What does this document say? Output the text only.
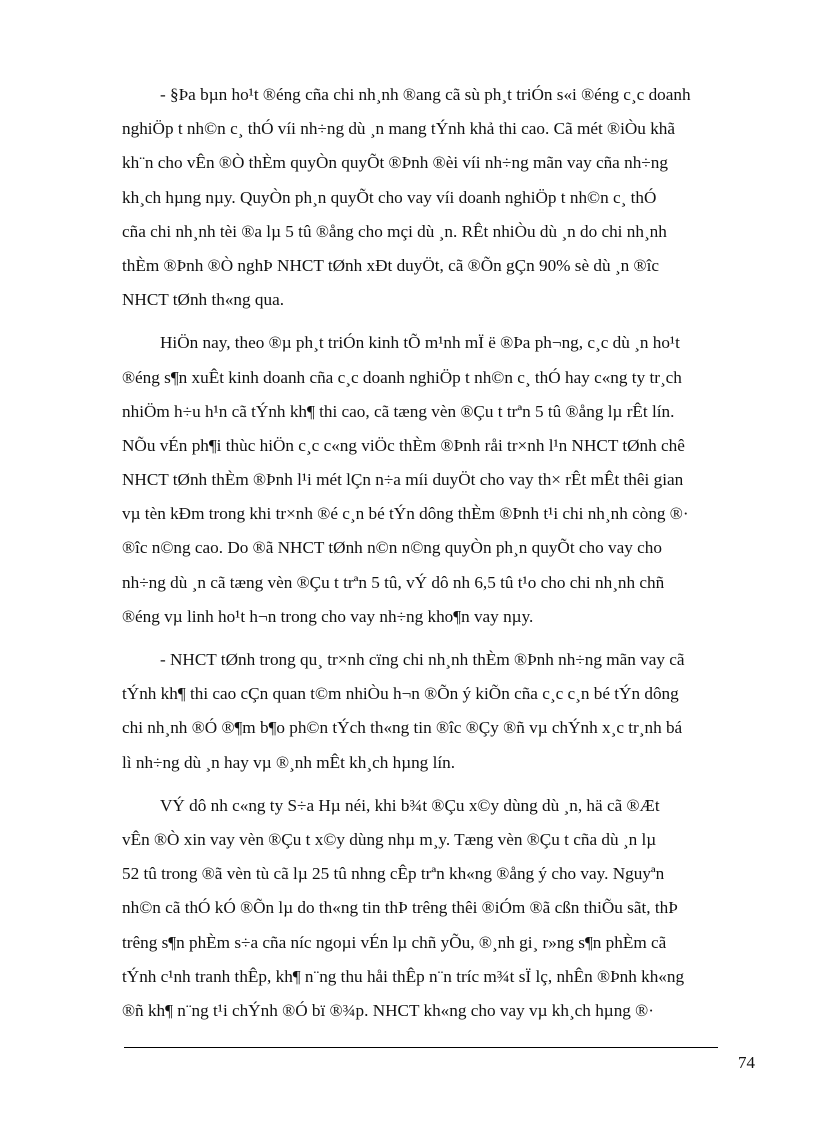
- §Þa bµn ho¹t ®éng cña chi nh¸nh ®ang cã sù ph¸t triÓn s«i ®éng c¸c doanh
nghiÖp t nh©n c¸ thÓ víi nh÷ng dù ¸n mang tÝnh khả thi cao. Cã mét ®iÒu khã
kh¨n cho vÊn ®Ò thÈm quyÒn quyÕt ®Þnh ®èi víi nh÷ng mãn vay cña nh÷ng
kh¸ch hµng nµy. QuyÒn ph¸n quyÕt cho vay víi doanh nghiÖp t nh©n c¸ thÓ
cña chi nh¸nh tèi ®a lµ 5 tû ®ång cho mçi dù ¸n. RÊt nhiÒu dù ¸n do chi nh¸nh
thÈm ®Þnh ®Ò nghÞ NHCT tØnh xÐt duyÖt, cã ®Õn gÇn 90% sè dù ¸n ®îc
NHCT tØnh th«ng qua.
HiÖn nay, theo ®µ ph¸t triÓn kinh tÕ m¹nh mÏ ë ®Þa ph¬ng, c¸c dù ¸n ho¹t
®éng s¶n xuÊt kinh doanh cña c¸c doanh nghiÖp t nh©n c¸ thÓ hay c«ng ty tr¸ch
nhiÖm h÷u h¹n cã tÝnh kh¶ thi cao, cã tæng vèn ®Çu t trªn 5 tû ®ång lµ rÊt lín.
NÕu vÉn ph¶i thùc hiÖn c¸c c«ng viÖc thÈm ®Þnh råi tr×nh l¹n NHCT tØnh chê
NHCT tØnh thÈm ®Þnh l¹i mét lÇn n÷a míi duyÖt cho vay th× rÊt mÊt thêi gian
vµ tèn kÐm trong khi tr×nh ®é c¸n bé tÝn dông thÈm ®Þnh t¹i chi nh¸nh còng ®·
®îc n©ng cao. Do ®ã NHCT tØnh n©n n©ng quyÒn ph¸n quyÕt cho vay cho
nh÷ng dù ¸n cã tæng vèn ®Çu t trªn 5 tû, vÝ dô nh 6,5 tû t¹o cho chi nh¸nh chñ
®éng vµ linh ho¹t h¬n trong cho vay nh÷ng kho¶n vay nµy.
- NHCT tØnh trong qu¸ tr×nh cïng chi nh¸nh thÈm ®Þnh nh÷ng mãn vay cã
tÝnh kh¶ thi cao cÇn quan t©m nhiÒu h¬n ®Õn ý kiÕn cña c¸c c¸n bé tÝn dông
chi nh¸nh ®Ó ®¶m b¶o ph©n tÝch th«ng tin ®îc ®Çy ®ñ vµ chÝnh x¸c tr¸nh bá
lì nh÷ng dù ¸n hay vµ ®¸nh mÊt kh¸ch hµng lín.
VÝ dô nh c«ng ty S÷a Hµ néi, khi b¾t ®Çu x©y dùng dù ¸n, hä cã ®Æt
vÊn ®Ò xin vay vèn ®Çu t x©y dùng nhµ m¸y. Tæng vèn ®Çu t cña dù ¸n lµ
52 tû trong ®ã vèn tù cã lµ 25 tû nhng cÊp trªn kh«ng ®ång ý cho vay. Nguyªn
nh©n cã thÓ kÓ ®Õn lµ do th«ng tin thÞ trêng thêi ®iÓm ®ã cßn thiÕu sãt, thÞ
trêng s¶n phÈm s÷a cña níc ngoµi vÉn lµ chñ yÕu, ®¸nh gi¸ r»ng s¶n phÈm cã
tÝnh c¹nh tranh thÊp, kh¶ n¨ng thu håi thÊp n¨n tríc m¾t sÏ lç, nhÊn ®Þnh kh«ng
®ñ kh¶ n¨ng t¹i chÝnh ®Ó bï ®¾p. NHCT kh«ng cho vay vµ kh¸ch hµng ®·
74
